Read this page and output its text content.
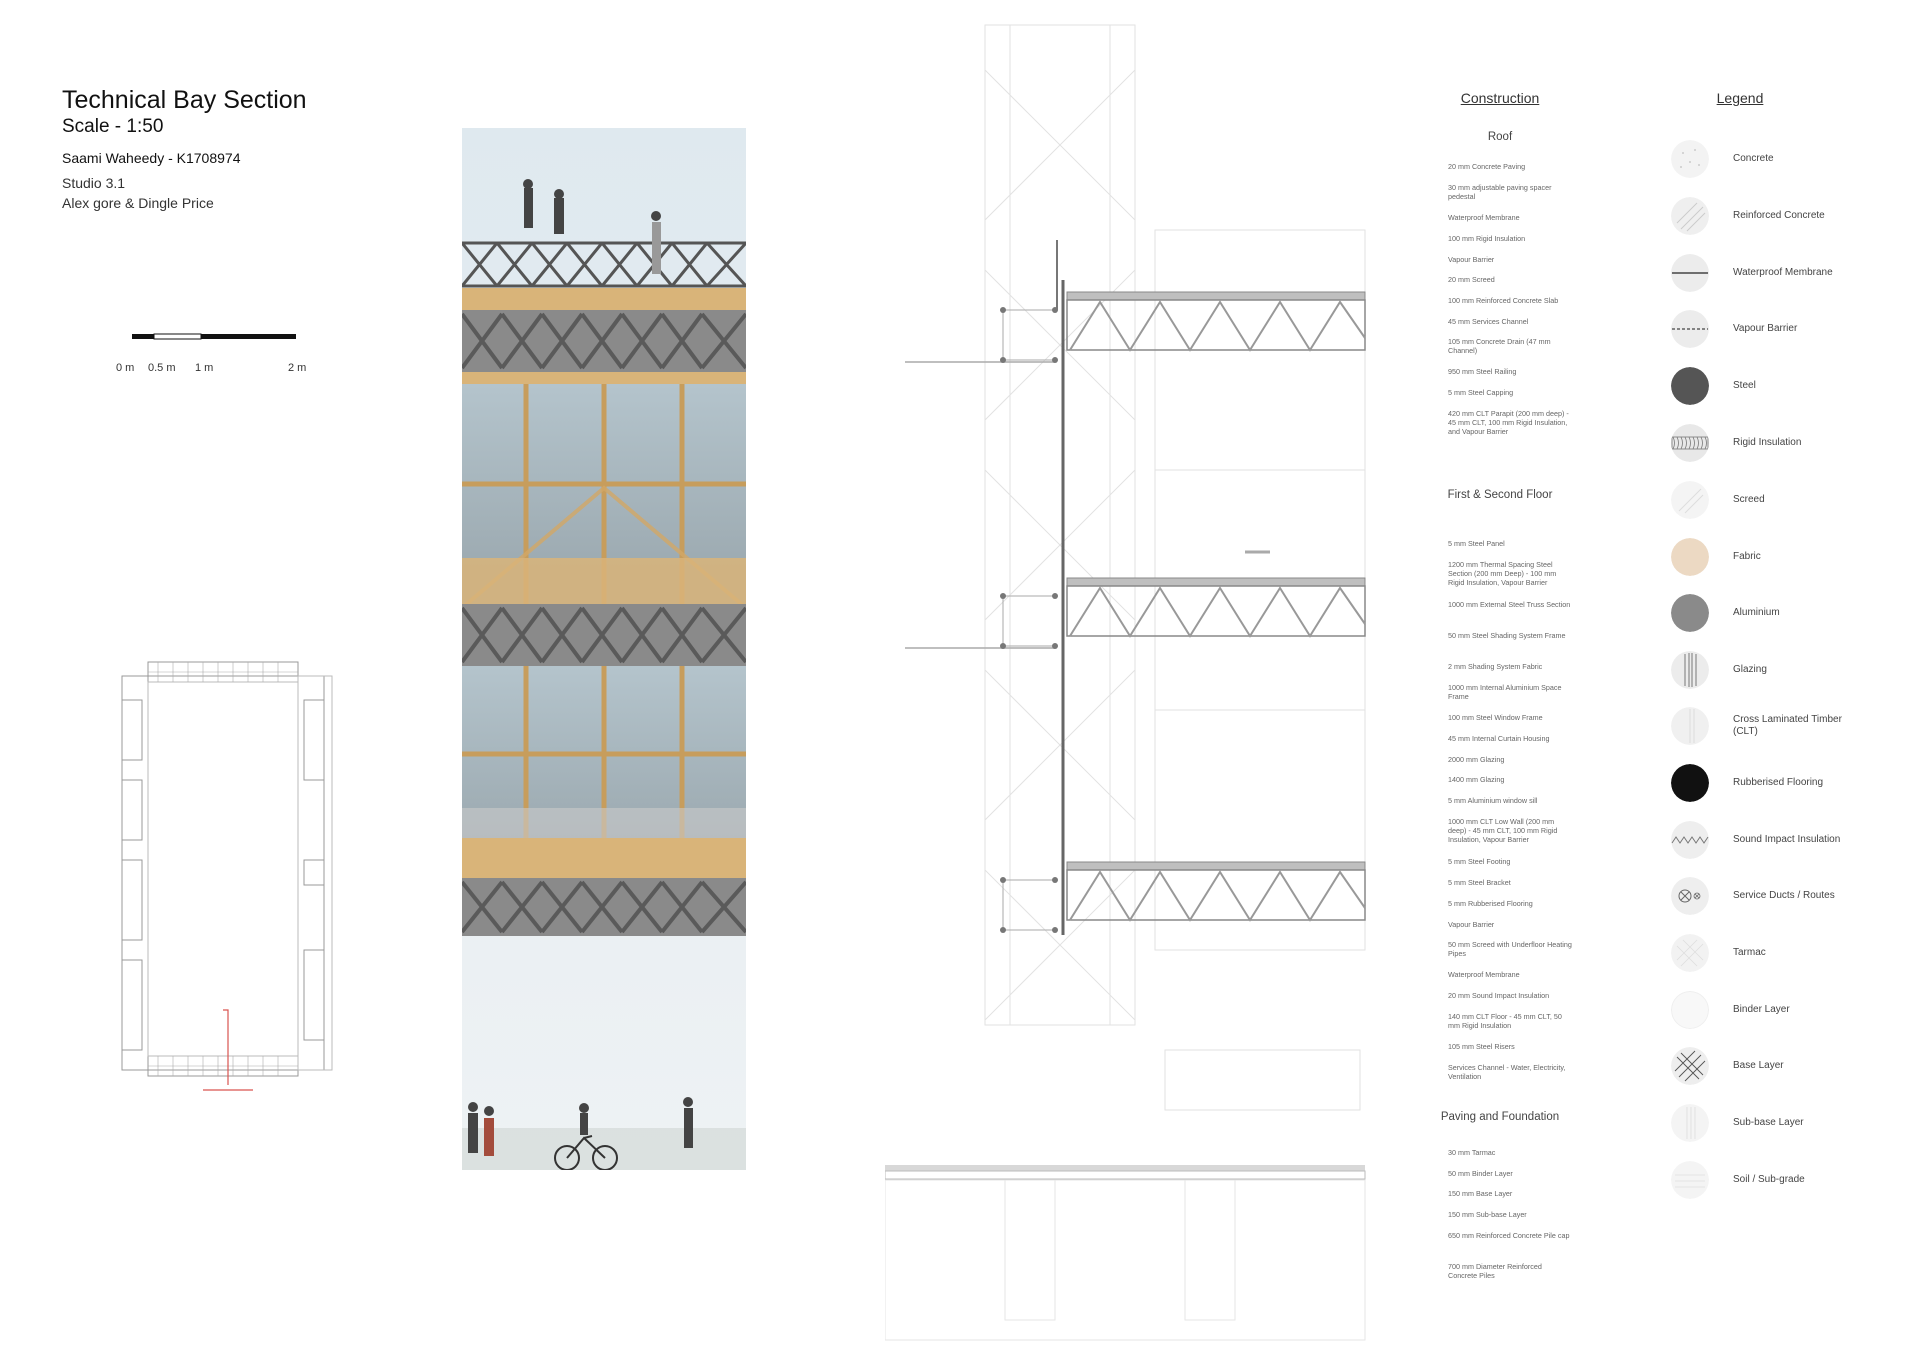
Technical Bay Section
Scale - 1:50
Saami Waheedy - K1708974
Studio 3.1
Alex gore & Dingle Price
0 m 0.5 m 1 m	2 m
Construction
Roof
20 mm Concrete Paving
30 mm adjustable paving spacer pedestal
Waterproof Membrane
100 mm Rigid Insulation
Vapour Barrier
20 mm Screed
100 mm Reinforced Concrete Slab
45 mm Services Channel
105 mm Concrete Drain (47 mm Channel)
950 mm Steel Railing
5 mm Steel Capping
420 mm CLT Parapit (200 mm deep) - 45 mm CLT, 100 mm Rigid Insulation, and Vapour Barrier
First & Second Floor
5 mm Steel Panel
1200 mm Thermal Spacing Steel Section (200 mm Deep) - 100 mm Rigid Insulation, Vapour Barrier
1000 mm External Steel Truss Section
50 mm Steel Shading System Frame
2 mm Shading System Fabric
1000 mm Internal Aluminium Space Frame
100 mm Steel Window Frame
45 mm Internal Curtain Housing
2000 mm Glazing
1400 mm Glazing
5 mm Aluminium window sill
1000 mm CLT Low Wall (200 mm deep) - 45 mm CLT, 100 mm Rigid Insulation, Vapour Barrier
5 mm Steel Footing
5 mm Steel Bracket
5 mm Rubberised Flooring
Vapour Barrier
50 mm Screed with Underfloor Heating Pipes
Waterproof Membrane
20 mm Sound Impact Insulation
140 mm CLT Floor - 45 mm CLT, 50 mm Rigid Insulation
105 mm Steel Risers
Services Channel - Water, Electricity, Ventilation
Paving and Foundation
30 mm Tarmac
50 mm Binder Layer
150 mm Base Layer
150 mm Sub-base Layer
650 mm Reinforced Concrete Pile cap
700 mm Diameter Reinforced Concrete Piles
Legend
Concrete
Reinforced Concrete
Waterproof Membrane
Vapour Barrier
Steel
Rigid Insulation
Screed
Fabric
Aluminium
Glazing
Cross Laminated Timber (CLT)
Rubberised Flooring
Sound Impact Insulation
Service Ducts / Routes
Tarmac
Binder Layer
Base Layer
Sub-base Layer
Soil / Sub-grade
